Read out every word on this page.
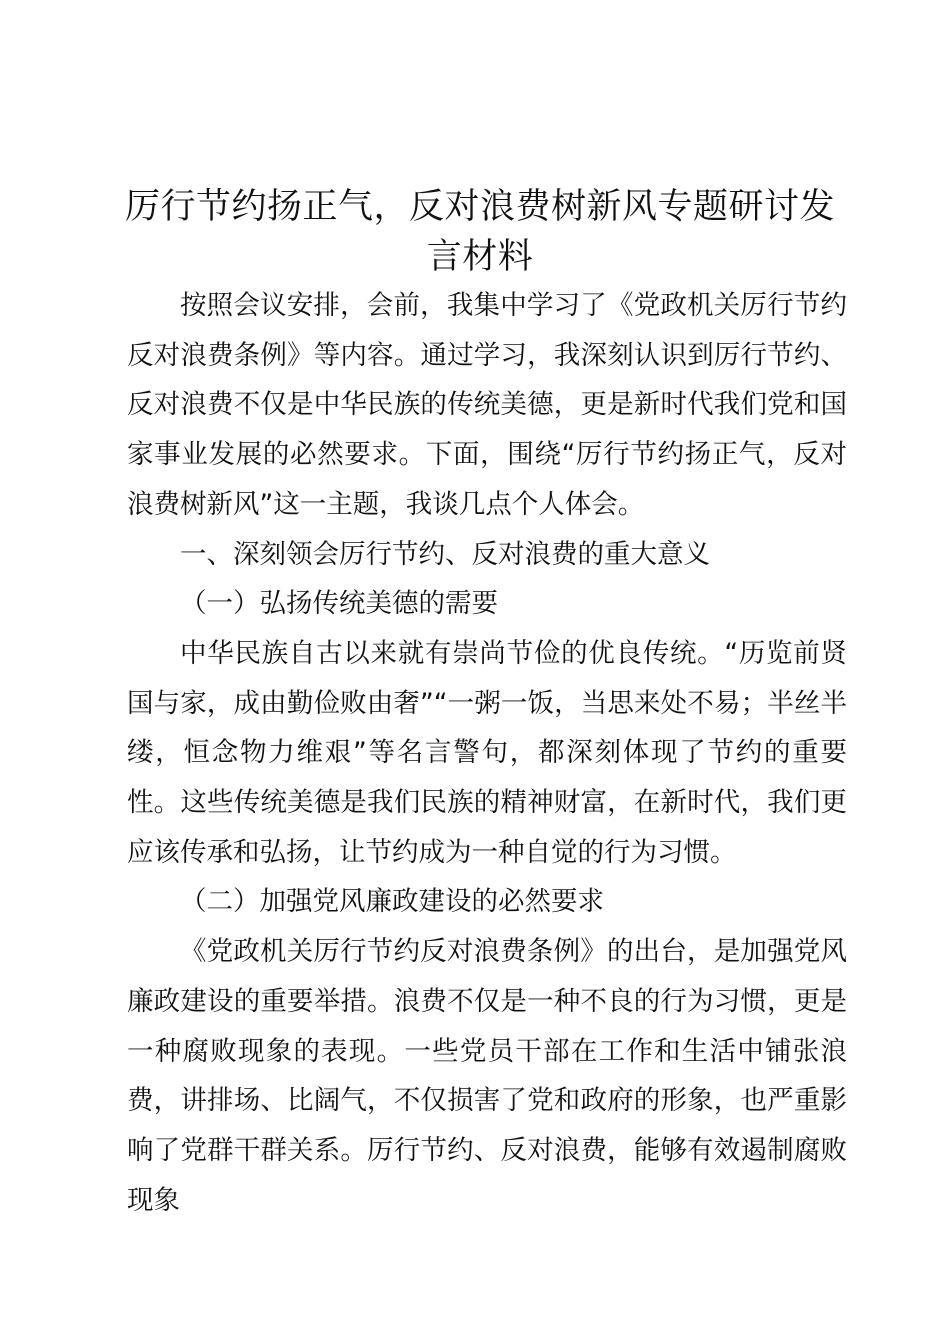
厉行节约扬正气，反对浪费树新风专题研讨发言材料

按照会议安排，会前，我集中学习了《党政机关厉行节约反对浪费条例》等内容。通过学习，我深刻认识到厉行节约、反对浪费不仅是中华民族的传统美德，更是新时代我们党和国家事业发展的必然要求。下面，围绕“厉行节约扬正气，反对浪费树新风”这一主题，我谈几点个人体会。

一、深刻领会厉行节约、反对浪费的重大意义

（一）弘扬传统美德的需要

中华民族自古以来就有崇尚节俭的优良传统。“历览前贤国与家，成由勤俭败由奢”“一粥一饭，当思来处不易；半丝半缕，恒念物力维艰”等名言警句，都深刻体现了节约的重要性。这些传统美德是我们民族的精神财富，在新时代，我们更应该传承和弘扬，让节约成为一种自觉的行为习惯。

（二）加强党风廉政建设的必然要求

《党政机关厉行节约反对浪费条例》的出台，是加强党风廉政建设的重要举措。浪费不仅是一种不良的行为习惯，更是一种腐败现象的表现。一些党员干部在工作和生活中铺张浪费，讲排场、比阔气，不仅损害了党和政府的形象，也严重影响了党群干群关系。厉行节约、反对浪费，能够有效遏制腐败现象
